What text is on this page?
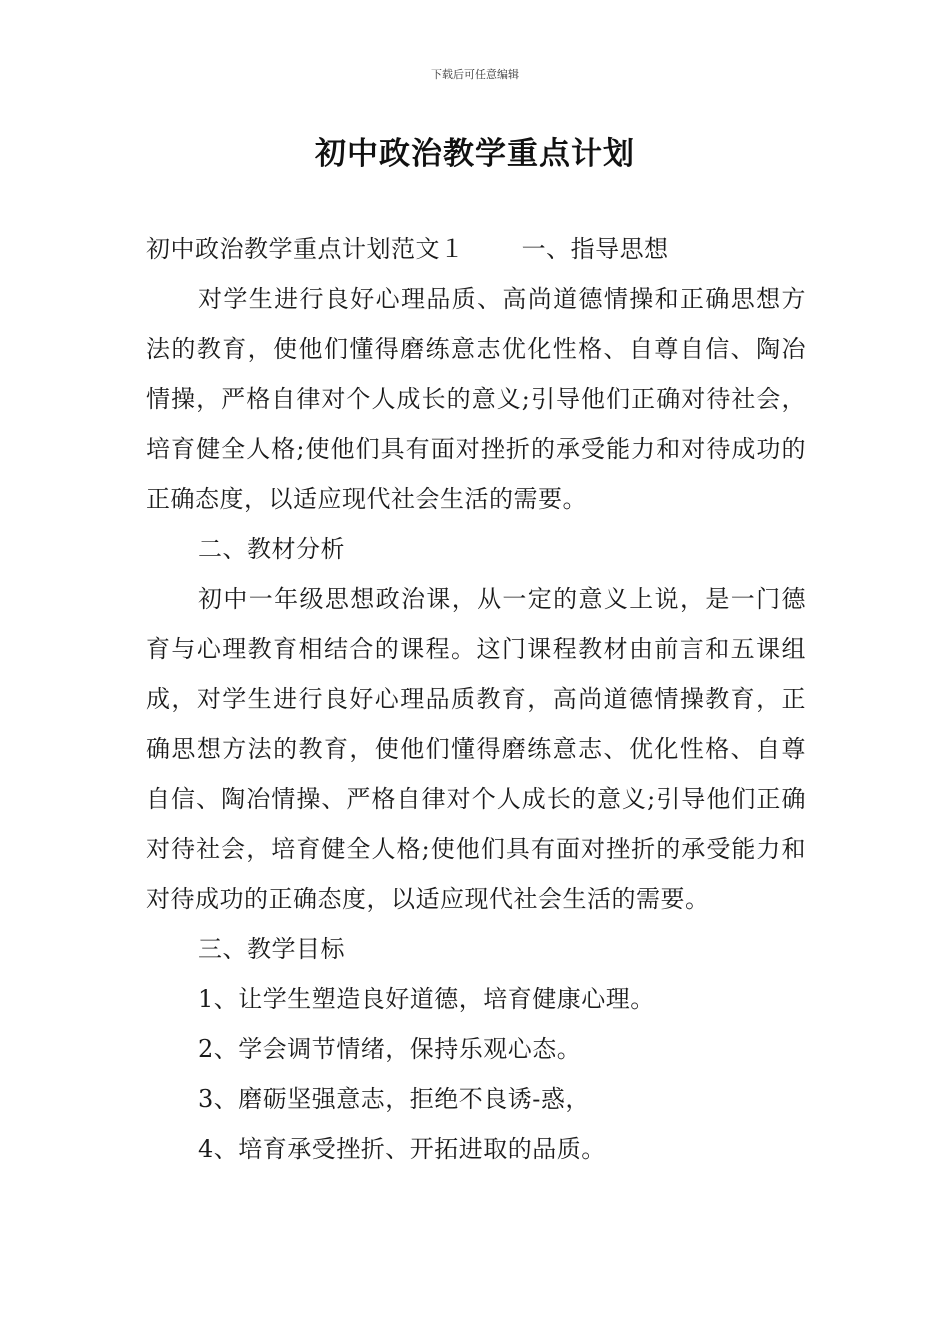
下载后可任意编辑
初中政治教学重点计划

初中政治教学重点计划范文１　　 一、指导思想

对学生进行良好心理品质、高尚道德情操和正确思想方法的教育，使他们懂得磨练意志优化性格、自尊自信、陶冶情操，严格自律对个人成长的意义;引导他们正确对待社会，培育健全人格;使他们具有面对挫折的承受能力和对待成功的正确态度，以适应现代社会生活的需要。

二、教材分析

初中一年级思想政治课，从一定的意义上说，是一门德育与心理教育相结合的课程。这门课程教材由前言和五课组成，对学生进行良好心理品质教育，高尚道德情操教育，正确思想方法的教育，使他们懂得磨练意志、优化性格、自尊自信、陶冶情操、严格自律对个人成长的意义;引导他们正确对待社会，培育健全人格;使他们具有面对挫折的承受能力和对待成功的正确态度，以适应现代社会生活的需要。

三、教学目标

1、让学生塑造良好道德，培育健康心理。

2、学会调节情绪，保持乐观心态。

3、磨砺坚强意志，拒绝不良诱-惑，

4、培育承受挫折、开拓进取的品质。
